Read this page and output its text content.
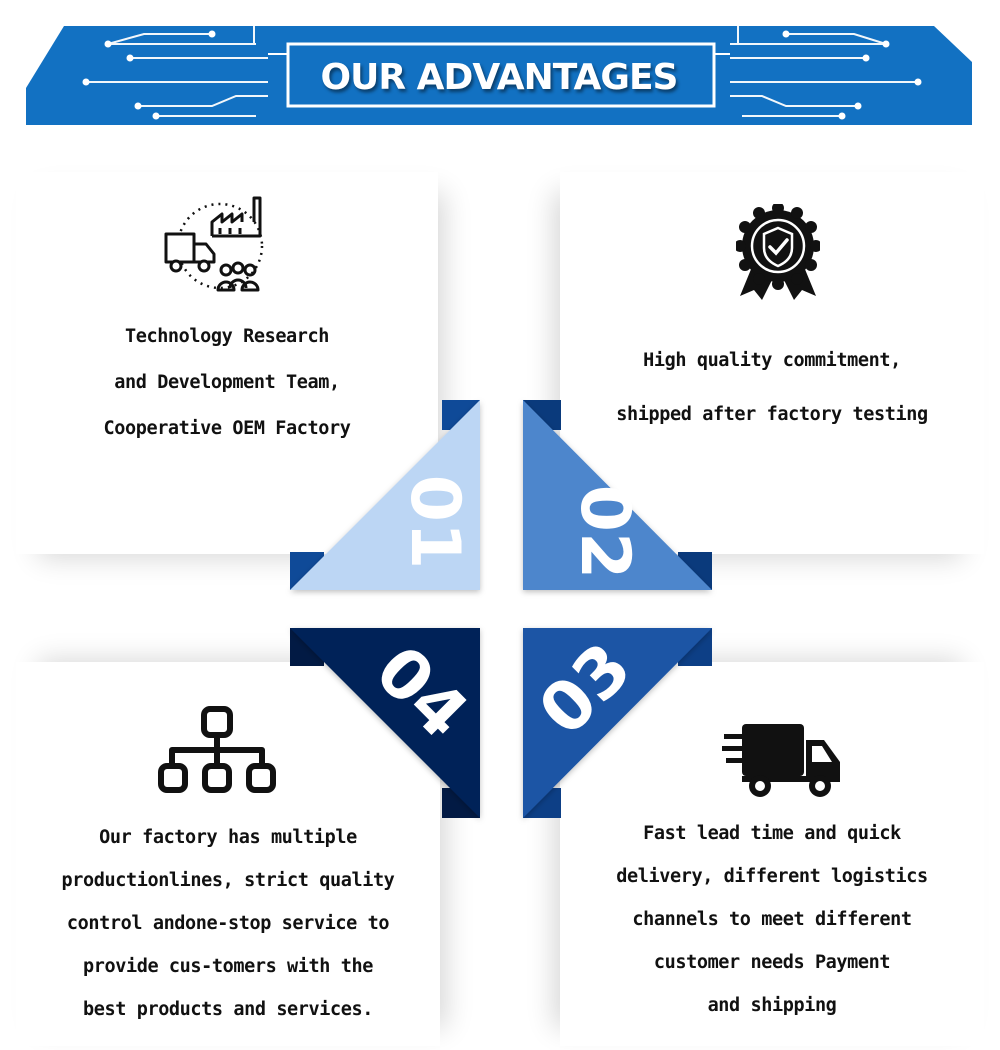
OUR ADVANTAGES
Technology Research
and Development Team,
Cooperative OEM Factory
High quality commitment,
shipped after factory testing
Our factory has multiple
productionlines, strict quality
control andone-stop service to
provide cus-tomers with the
best products and services.
Fast lead time and quick
delivery, different logistics
channels to meet different
customer needs Payment
and shipping
01 02
04 03
